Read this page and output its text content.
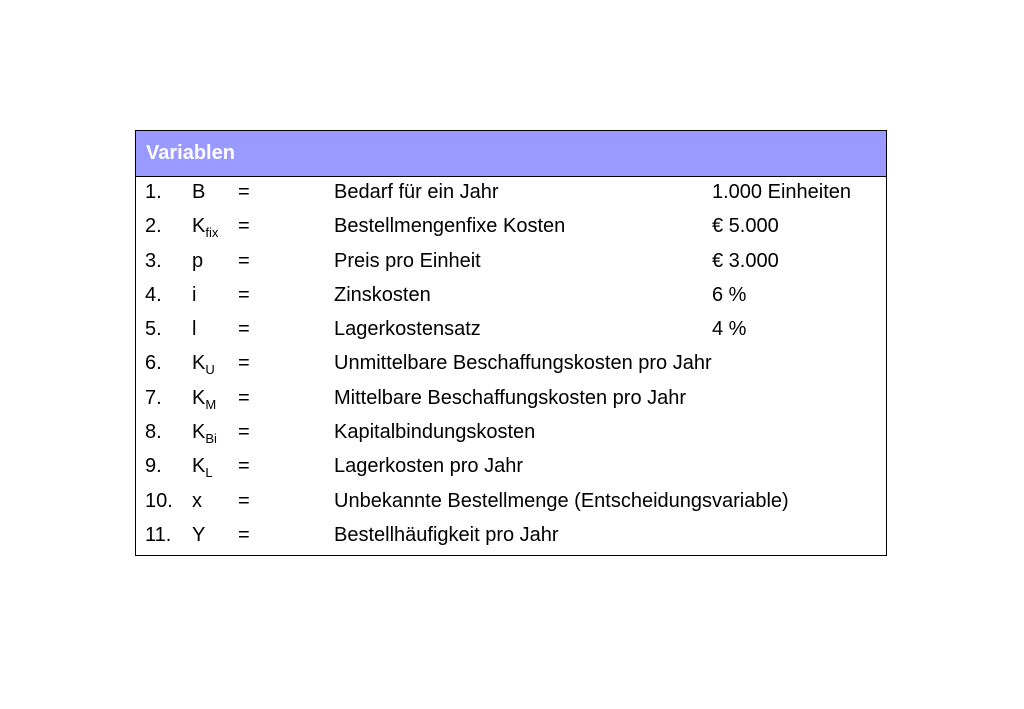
Variablen
1. B =	Bedarf für ein Jahr	1.000 Einheiten
2. $K_{fix}$ =	Bestellmengenfixe Kosten	€ 5.000
3. p =	Preis pro Einheit	€ 3.000
4. i =	Zinskosten	6 %
5. l =	Lagerkostensatz	4 %
6. $K_U$ =	Unmittelbare Beschaffungskosten pro Jahr
7. $K_M$ =	Mittelbare Beschaffungskosten pro Jahr
8. $K_{Bi}$ =	Kapitalbindungskosten
9. $K_L$ =	Lagerkosten pro Jahr
10. x =	Unbekannte Bestellmenge (Entscheidungsvariable)
11. Y =	Bestellhäufigkeit pro Jahr
